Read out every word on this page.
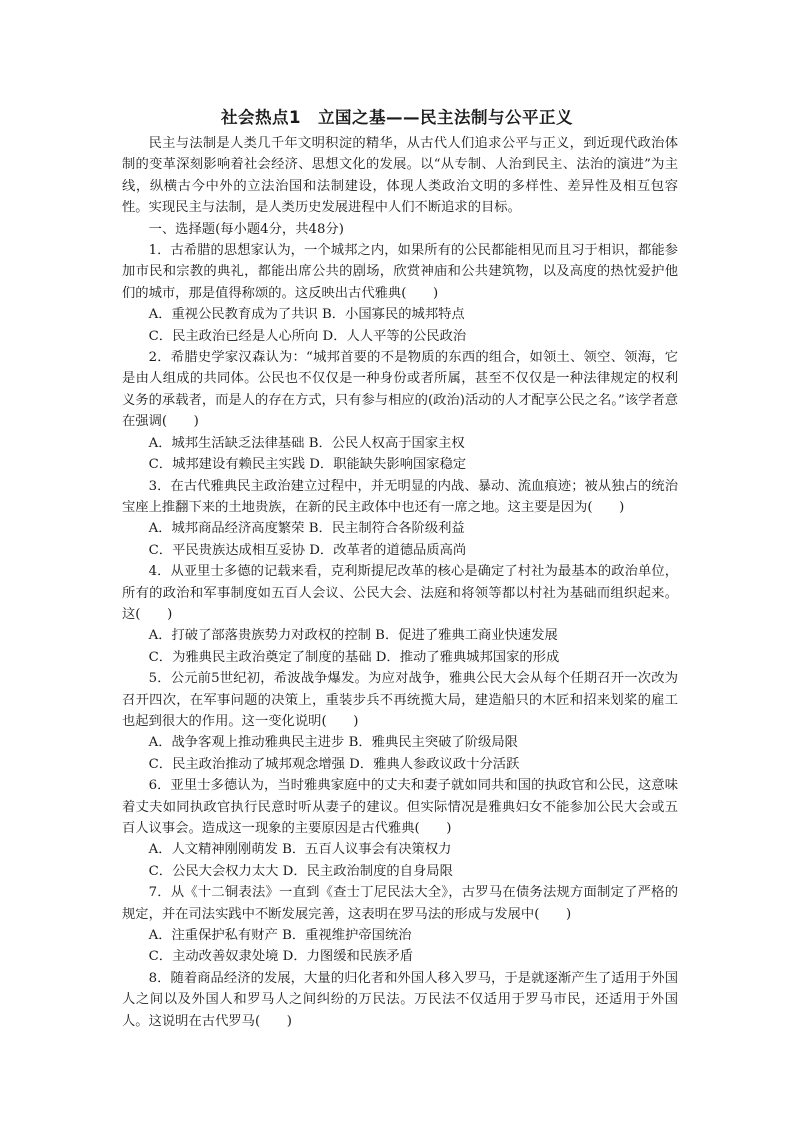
社会热点1　立国之基——民主法制与公平正义

民主与法制是人类几千年文明积淀的精华，从古代人们追求公平与正义，到近现代政治体制的变革深刻影响着社会经济、思想文化的发展。以“从专制、人治到民主、法治的演进”为主线，纵横古今中外的立法治国和法制建设，体现人类政治文明的多样性、差异性及相互包容性。实现民主与法制，是人类历史发展进程中人们不断追求的目标。

一、选择题(每小题4分，共48分)

1．古希腊的思想家认为，一个城邦之内，如果所有的公民都能相见而且习于相识，都能参加市民和宗教的典礼，都能出席公共的剧场，欣赏神庙和公共建筑物，以及高度的热忱爱护他们的城市，那是值得称颂的。这反映出古代雅典(　　)

A．重视公民教育成为了共识 B．小国寡民的城邦特点

C．民主政治已经是人心所向 D．人人平等的公民政治

2．希腊史学家汉森认为：“城邦首要的不是物质的东西的组合，如领土、领空、领海，它是由人组成的共同体。公民也不仅仅是一种身份或者所属，甚至不仅仅是一种法律规定的权利义务的承载者，而是人的存在方式，只有参与相应的(政治)活动的人才配享公民之名。”该学者意在强调(　　)

A．城邦生活缺乏法律基础 B．公民人权高于国家主权

C．城邦建设有赖民主实践 D．职能缺失影响国家稳定

3．在古代雅典民主政治建立过程中，并无明显的内战、暴动、流血痕迹；被从独占的统治宝座上推翻下来的土地贵族，在新的民主政体中也还有一席之地。这主要是因为(　　)

A．城邦商品经济高度繁荣 B．民主制符合各阶级利益

C．平民贵族达成相互妥协 D．改革者的道德品质高尚

4．从亚里士多德的记载来看，克利斯提尼改革的核心是确定了村社为最基本的政治单位，所有的政治和军事制度如五百人会议、公民大会、法庭和将领等都以村社为基础而组织起来。这(　　)

A．打破了部落贵族势力对政权的控制 B．促进了雅典工商业快速发展

C．为雅典民主政治奠定了制度的基础 D．推动了雅典城邦国家的形成

5．公元前5世纪初，希波战争爆发。为应对战争，雅典公民大会从每个任期召开一次改为召开四次，在军事问题的决策上，重装步兵不再统揽大局，建造船只的木匠和招来划桨的雇工也起到很大的作用。这一变化说明(　　)

A．战争客观上推动雅典民主进步 B．雅典民主突破了阶级局限

C．民主政治推动了城邦观念增强 D．雅典人参政议政十分活跃

6．亚里士多德认为，当时雅典家庭中的丈夫和妻子就如同共和国的执政官和公民，这意味着丈夫如同执政官执行民意时听从妻子的建议。但实际情况是雅典妇女不能参加公民大会或五百人议事会。造成这一现象的主要原因是古代雅典(　　)

A．人文精神刚刚萌发 B．五百人议事会有决策权力

C．公民大会权力太大 D．民主政治制度的自身局限

7．从《十二铜表法》一直到《查士丁尼民法大全》，古罗马在债务法规方面制定了严格的规定，并在司法实践中不断发展完善，这表明在罗马法的形成与发展中(　　)

A．注重保护私有财产 B．重视维护帝国统治

C．主动改善奴隶处境 D．力图缓和民族矛盾

8．随着商品经济的发展，大量的归化者和外国人移入罗马，于是就逐渐产生了适用于外国人之间以及外国人和罗马人之间纠纷的万民法。万民法不仅适用于罗马市民，还适用于外国人。这说明在古代罗马(　　)
